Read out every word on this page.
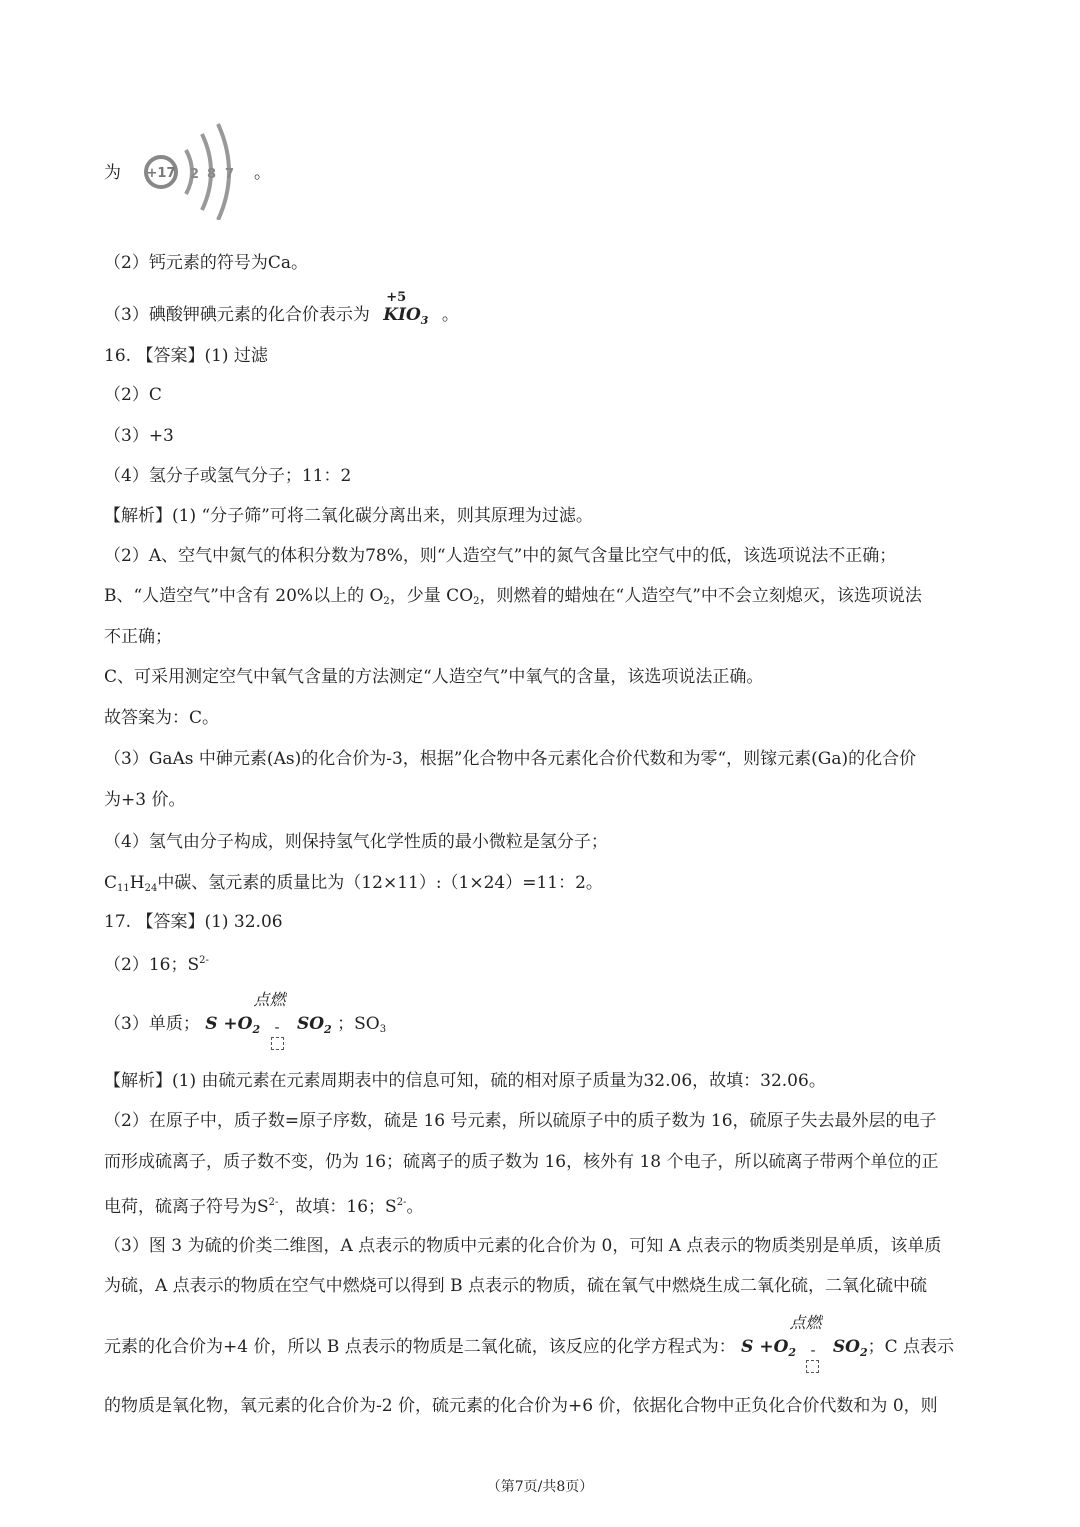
为 +17 2 8 7 。
（2）钙元素的符号为Ca。
（3）碘酸钾碘元素的化合价表示为
+5
$KIO_3$ 。
16. 【答案】(1) 过滤
（2）C
（3）+3
（4）氢分子或氢气分子；11：2
【解析】(1) “分子筛”可将二氧化碳分离出来，则其原理为过滤。
（2）A、空气中氮气的体积分数为78%，则“人造空气”中的氮气含量比空气中的低，该选项说法不正确；
B、“人造空气”中含有 20%以上的 $O_2$，少量 $CO_2$，则燃着的蜡烛在“人造空气”中不会立刻熄灭，该选项说法
不正确；
C、可采用测定空气中氧气含量的方法测定“人造空气”中氧气的含量，该选项说法正确。
故答案为：C。
（3）GaAs 中砷元素(As)的化合价为-3，根据”化合物中各元素化合价代数和为零“，则镓元素(Ga)的化合价
为+3 价。
（4）氢气由分子构成，则保持氢气化学性质的最小微粒是氢分子；
$C_{11}H_{24}$中碳、氢元素的质量比为（12×11）:（1×24）=11：2。
17. 【答案】(1) 32.06
（2）16；$S^{2-}$
（3）单质； $S +O_2$
点燃
- $SO_2$ ；$SO_3$
【解析】(1) 由硫元素在元素周期表中的信息可知，硫的相对原子质量为32.06，故填：32.06。
（2）在原子中，质子数=原子序数，硫是 16 号元素，所以硫原子中的质子数为 16，硫原子失去最外层的电子
而形成硫离子，质子数不变，仍为 16；硫离子的质子数为 16，核外有 18 个电子，所以硫离子带两个单位的正
电荷，硫离子符号为$S^{2-}$，故填：16；$S^{2-}$。
（3）图 3 为硫的价类二维图，A 点表示的物质中元素的化合价为 0，可知 A 点表示的物质类别是单质，该单质
为硫，A 点表示的物质在空气中燃烧可以得到 B 点表示的物质，硫在氧气中燃烧生成二氧化硫，二氧化硫中硫
元素的化合价为+4 价，所以 B 点表示的物质是二氧化硫，该反应的化学方程式为： $S +O_2$
点燃
- $SO_2$；C 点表示
的物质是氧化物，氧元素的化合价为-2 价，硫元素的化合价为+6 价，依据化合物中正负化合价代数和为 0，则
（第7页/共8页）
